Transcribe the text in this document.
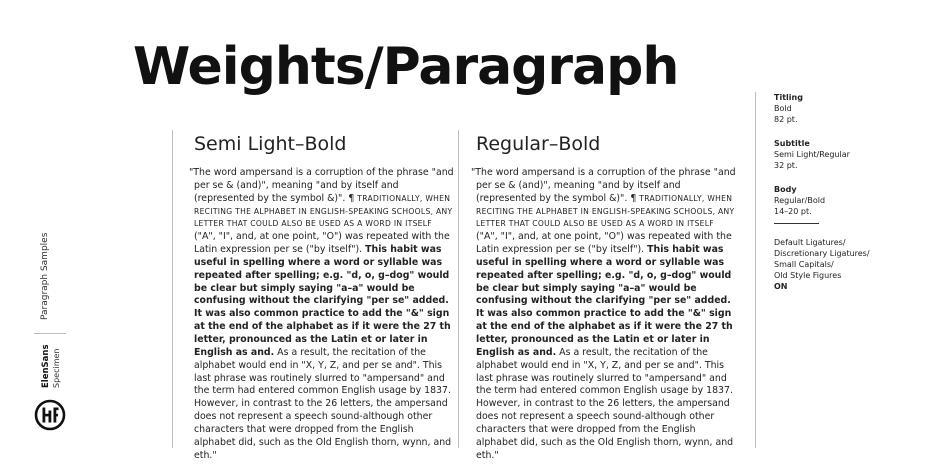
Weights/Paragraph
Semi Light–Bold

"The word ampersand is a corruption of the phrase "and per se & (and)", meaning "and by itself and (represented by the symbol &)". ¶ TRADITIONALLY, WHEN RECITING THE ALPHABET IN ENGLISH-SPEAKING SCHOOLS, ANY LETTER THAT COULD ALSO BE USED AS A WORD IN ITSELF ("A", "I", and, at one point, "O") was repeated with the Latin expression per se ("by itself"). This habit was useful in spelling where a word or syllable was repeated after spelling; e.g. "d, o, g–dog" would be clear but simply saying "a–a" would be confusing without the clarifying "per se" added. It was also common practice to add the "&" sign at the end of the alphabet as if it were the 27 th letter, pronounced as the Latin et or later in English as and. As a result, the recitation of the alphabet would end in "X, Y, Z, and per se and". This last phrase was routinely slurred to "ampersand" and the term had entered common English usage by 1837. However, in contrast to the 26 letters, the ampersand does not represent a speech sound-although other characters that were dropped from the English alphabet did, such as the Old English thorn, wynn, and eth."

Regular–Bold

"The word ampersand is a corruption of the phrase "and per se & (and)", meaning "and by itself and (represented by the symbol &)". ¶ TRADITIONALLY, WHEN RECITING THE ALPHABET IN ENGLISH-SPEAKING SCHOOLS, ANY LETTER THAT COULD ALSO BE USED AS A WORD IN ITSELF ("A", "I", and, at one point, "O") was repeated with the Latin expression per se ("by itself"). This habit was useful in spelling where a word or syllable was repeated after spelling; e.g. "d, o, g–dog" would be clear but simply saying "a–a" would be confusing without the clarifying "per se" added. It was also common practice to add the "&" sign at the end of the alphabet as if it were the 27 th letter, pronounced as the Latin et or later in English as and. As a result, the recitation of the alphabet would end in "X, Y, Z, and per se and". This last phrase was routinely slurred to "ampersand" and the term had entered common English usage by 1837. However, in contrast to the 26 letters, the ampersand does not represent a speech sound-although other characters that were dropped from the English alphabet did, such as the Old English thorn, wynn, and eth."

Titling
Bold
82 pt.
Subtitle
Semi Light/Regular
32 pt.
Body
Regular/Bold
14–20 pt.
Default Ligatures/
Discretionary Ligatures/
Small Capitals/
Old Style Figures
ON
Paragraph Samples
ElenSans Specimen
